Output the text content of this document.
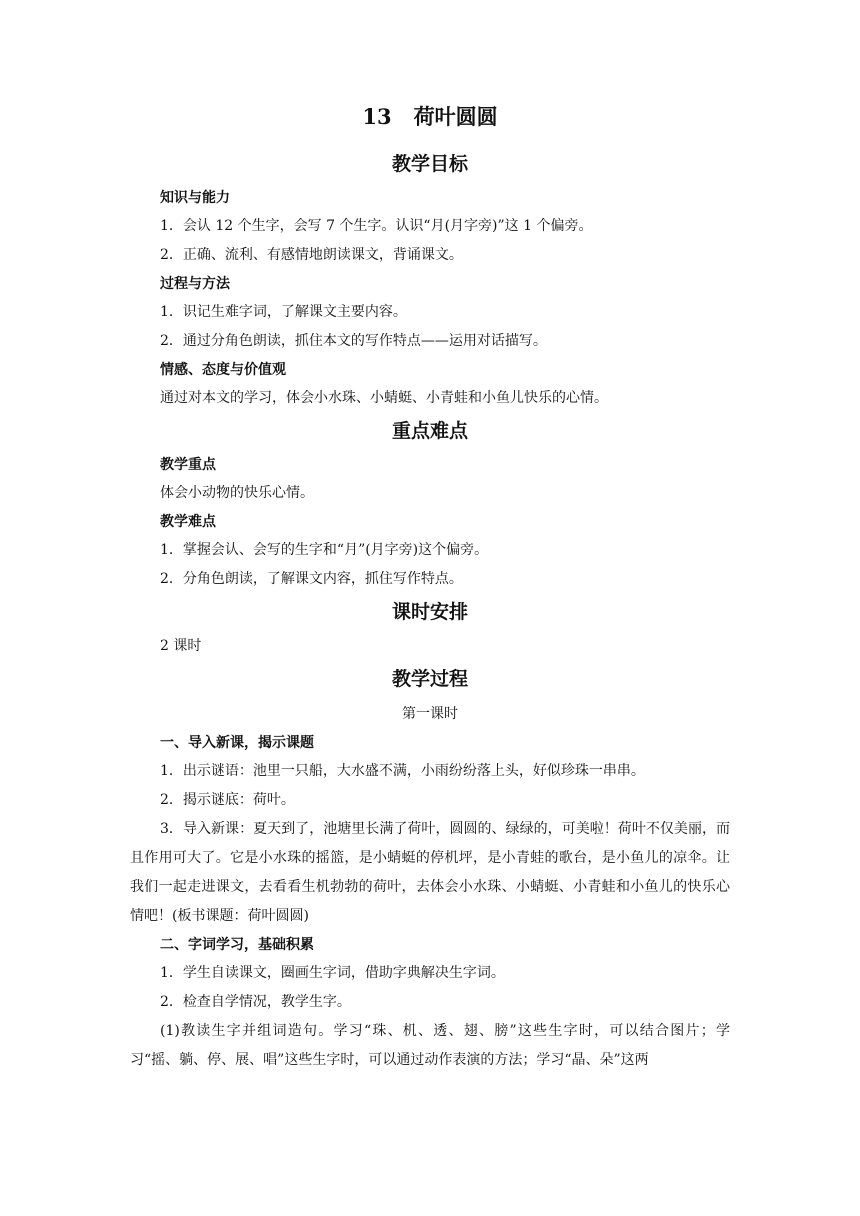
13 荷叶圆圆
教学目标
知识与能力
1．会认 12 个生字，会写 7 个生字。认识“月(月字旁)”这 1 个偏旁。
2．正确、流利、有感情地朗读课文，背诵课文。
过程与方法
1．识记生难字词，了解课文主要内容。
2．通过分角色朗读，抓住本文的写作特点——运用对话描写。
情感、态度与价值观
通过对本文的学习，体会小水珠、小蜻蜓、小青蛙和小鱼儿快乐的心情。
重点难点
教学重点
体会小动物的快乐心情。
教学难点
1．掌握会认、会写的生字和“月”(月字旁)这个偏旁。
2．分角色朗读，了解课文内容，抓住写作特点。
课时安排
2 课时
教学过程
第一课时
一、导入新课，揭示课题
1．出示谜语：池里一只船，大水盛不满，小雨纷纷落上头，好似珍珠一串串。
2．揭示谜底：荷叶。
3．导入新课：夏天到了，池塘里长满了荷叶，圆圆的、绿绿的，可美啦！荷叶不仅美丽，而且作用可大了。它是小水珠的摇篮，是小蜻蜓的停机坪，是小青蛙的歌台，是小鱼儿的凉伞。让我们一起走进课文，去看看生机勃勃的荷叶，去体会小水珠、小蜻蜓、小青蛙和小鱼儿的快乐心情吧！(板书课题：荷叶圆圆)
二、字词学习，基础积累
1．学生自读课文，圈画生字词，借助字典解决生字词。
2．检查自学情况，教学生字。
(1)教读生字并组词造句。学习“珠、机、透、翅、膀”这些生字时，可以结合图片；学习“摇、躺、停、展、唱”这些生字时，可以通过动作表演的方法；学习“晶、朵”这两
